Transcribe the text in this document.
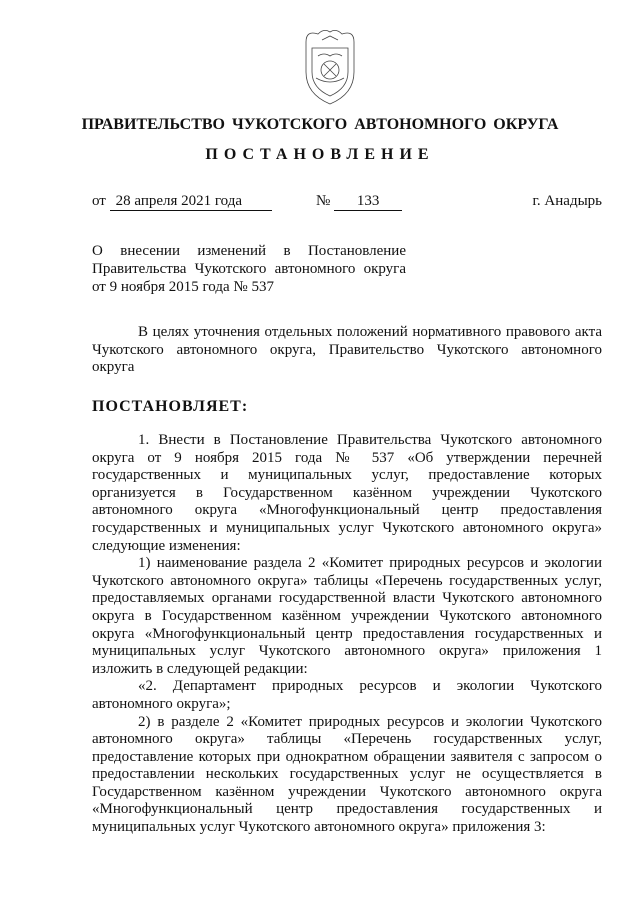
ПРАВИТЕЛЬСТВО ЧУКОТСКОГО АВТОНОМНОГО ОКРУГА
ПОСТАНОВЛЕНИЕ
от 28 апреля 2021 года	№ 133	г. Анадырь
О внесении изменений в Постановление
Правительства Чукотского автономного округа
от 9 ноября 2015 года № 537

В целях уточнения отдельных положений нормативного правового акта Чукотского автономного округа, Правительство Чукотского автономного округа

ПОСТАНОВЛЯЕТ:

1. Внести в Постановление Правительства Чукотского автономного округа от 9 ноября 2015 года № 537 «Об утверждении перечней государственных и муниципальных услуг, предоставление которых организуется в Государственном казённом учреждении Чукотского автономного округа «Многофункциональный центр предоставления государственных и муниципальных услуг Чукотского автономного округа» следующие изменения:

1) наименование раздела 2 «Комитет природных ресурсов и экологии Чукотского автономного округа» таблицы «Перечень государственных услуг, предоставляемых органами государственной власти Чукотского автономного округа в Государственном казённом учреждении Чукотского автономного округа «Многофункциональный центр предоставления государственных и муниципальных услуг Чукотского автономного округа» приложения 1 изложить в следующей редакции:

«2. Департамент природных ресурсов и экологии Чукотского автономного округа»;

2) в разделе 2 «Комитет природных ресурсов и экологии Чукотского автономного округа» таблицы «Перечень государственных услуг, предоставление которых при однократном обращении заявителя с запросом о предоставлении нескольких государственных услуг не осуществляется в Государственном казённом учреждении Чукотского автономного округа «Многофункциональный центр предоставления государственных и муниципальных услуг Чукотского автономного округа» приложения 3:
